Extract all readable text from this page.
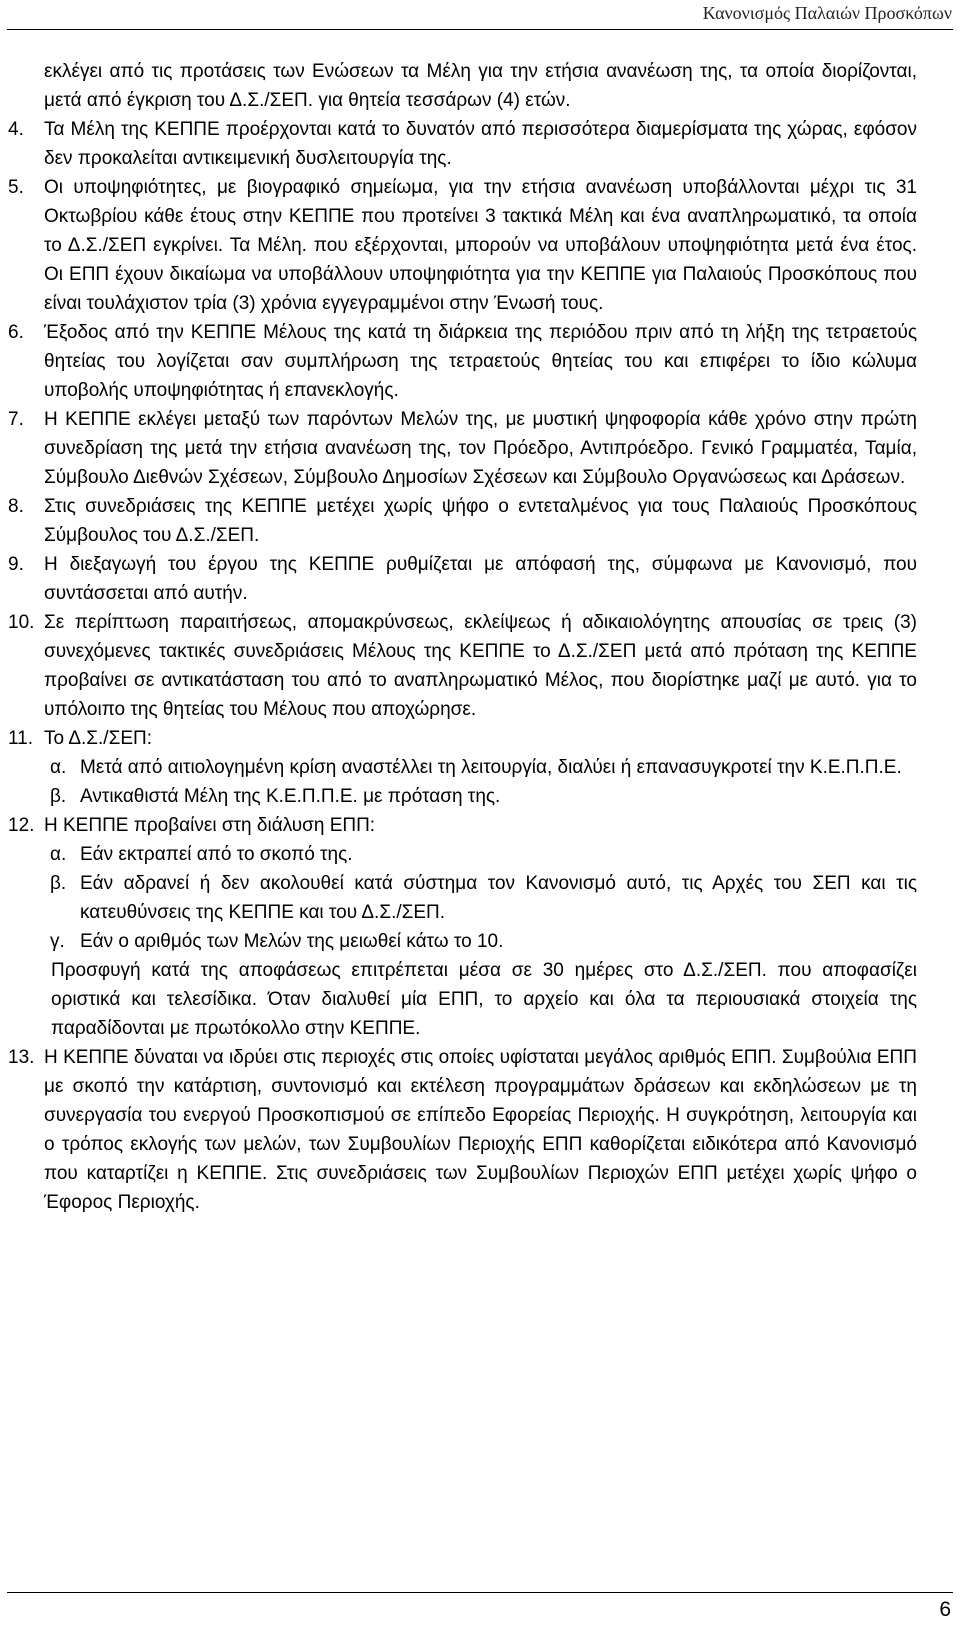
Κανονισμός Παλαιών Προσκόπων
εκλέγει από τις προτάσεις των Ενώσεων τα Μέλη για την ετήσια ανανέωση της, τα οποία διορίζονται, μετά από έγκριση του Δ.Σ./ΣΕΠ. για θητεία τεσσάρων (4) ετών.
4.	Τα Μέλη της ΚΕΠΠΕ προέρχονται κατά το δυνατόν από περισσότερα διαμερίσματα της χώρας, εφόσον δεν προκαλείται αντικειμενική δυσλειτουργία της.
5.	Οι υποψηφιότητες, με βιογραφικό σημείωμα, για την ετήσια ανανέωση υποβάλλονται μέχρι τις 31 Οκτωβρίου κάθε έτους στην ΚΕΠΠΕ που προτείνει 3 τακτικά Μέλη και ένα αναπληρωματικό, τα οποία το Δ.Σ./ΣΕΠ εγκρίνει. Τα Μέλη. που εξέρχονται, μπορούν να υποβάλουν υποψηφιότητα μετά ένα έτος. Οι ΕΠΠ έχουν δικαίωμα να υποβάλλουν υποψηφιότητα για την ΚΕΠΠΕ για Παλαιούς Προσκόπους που είναι τουλάχιστον τρία (3) χρόνια εγγεγραμμένοι στην Ένωσή τους.
6.	Έξοδος από την ΚΕΠΠΕ Μέλους της κατά τη διάρκεια της περιόδου πριν από τη λήξη της τετραετούς θητείας του λογίζεται σαν συμπλήρωση της τετραετούς θητείας του και επιφέρει το ίδιο κώλυμα υποβολής υποψηφιότητας ή επανεκλογής.
7.	Η ΚΕΠΠΕ εκλέγει μεταξύ των παρόντων Μελών της, με μυστική ψηφοφορία κάθε χρόνο στην πρώτη συνεδρίαση της μετά την ετήσια ανανέωση της, τον Πρόεδρο, Αντιπρόεδρο. Γενικό Γραμματέα, Ταμία, Σύμβουλο Διεθνών Σχέσεων, Σύμβουλο Δημοσίων Σχέσεων και Σύμβουλο Οργανώσεως και Δράσεων.
8.	Στις συνεδριάσεις της ΚΕΠΠΕ μετέχει χωρίς ψήφο ο εντεταλμένος για τους Παλαιούς Προσκόπους Σύμβουλος του Δ.Σ./ΣΕΠ.
9.	Η διεξαγωγή του έργου της ΚΕΠΠΕ ρυθμίζεται με απόφασή της, σύμφωνα με Κανονισμό, που συντάσσεται από αυτήν.
10. Σε περίπτωση παραιτήσεως, απομακρύνσεως, εκλείψεως ή αδικαιολόγητης απουσίας σε τρεις (3) συνεχόμενες τακτικές συνεδριάσεις Μέλους της ΚΕΠΠΕ το Δ.Σ./ΣΕΠ μετά από πρόταση της ΚΕΠΠΕ προβαίνει σε αντικατάσταση του από το αναπληρωματικό Μέλος, που διορίστηκε μαζί με αυτό. για το υπόλοιπο της θητείας του Μέλους που αποχώρησε.
11. Το Δ.Σ./ΣΕΠ:
α. Μετά από αιτιολογημένη κρίση αναστέλλει τη λειτουργία, διαλύει ή επανασυγκροτεί την Κ.Ε.Π.Π.Ε.
β. Αντικαθιστά Μέλη της Κ.Ε.Π.Π.Ε. με πρόταση της.
12. Η ΚΕΠΠΕ προβαίνει στη διάλυση ΕΠΠ:
α. Εάν εκτραπεί από το σκοπό της.
β. Εάν αδρανεί ή δεν ακολουθεί κατά σύστημα τον Κανονισμό αυτό, τις Αρχές του ΣΕΠ και τις κατευθύνσεις της ΚΕΠΠΕ και του Δ.Σ./ΣΕΠ.
γ. Εάν ο αριθμός των Μελών της μειωθεί κάτω το 10.
Προσφυγή κατά της αποφάσεως επιτρέπεται μέσα σε 30 ημέρες στο Δ.Σ./ΣΕΠ. που αποφασίζει οριστικά και τελεσίδικα. Όταν διαλυθεί μία ΕΠΠ, το αρχείο και όλα τα περιουσιακά στοιχεία της παραδίδονται με πρωτόκολλο στην ΚΕΠΠΕ.
13. Η ΚΕΠΠΕ δύναται να ιδρύει στις περιοχές στις οποίες υφίσταται μεγάλος αριθμός ΕΠΠ. Συμβούλια ΕΠΠ με σκοπό την κατάρτιση, συντονισμό και εκτέλεση προγραμμάτων δράσεων και εκδηλώσεων με τη συνεργασία του ενεργού Προσκοπισμού σε επίπεδο Εφορείας Περιοχής. Η συγκρότηση, λειτουργία και ο τρόπος εκλογής των μελών, των Συμβουλίων Περιοχής ΕΠΠ καθορίζεται ειδικότερα από Κανονισμό που καταρτίζει η ΚΕΠΠΕ. Στις συνεδριάσεις των Συμβουλίων Περιοχών ΕΠΠ μετέχει χωρίς ψήφο ο Έφορος Περιοχής.
6
